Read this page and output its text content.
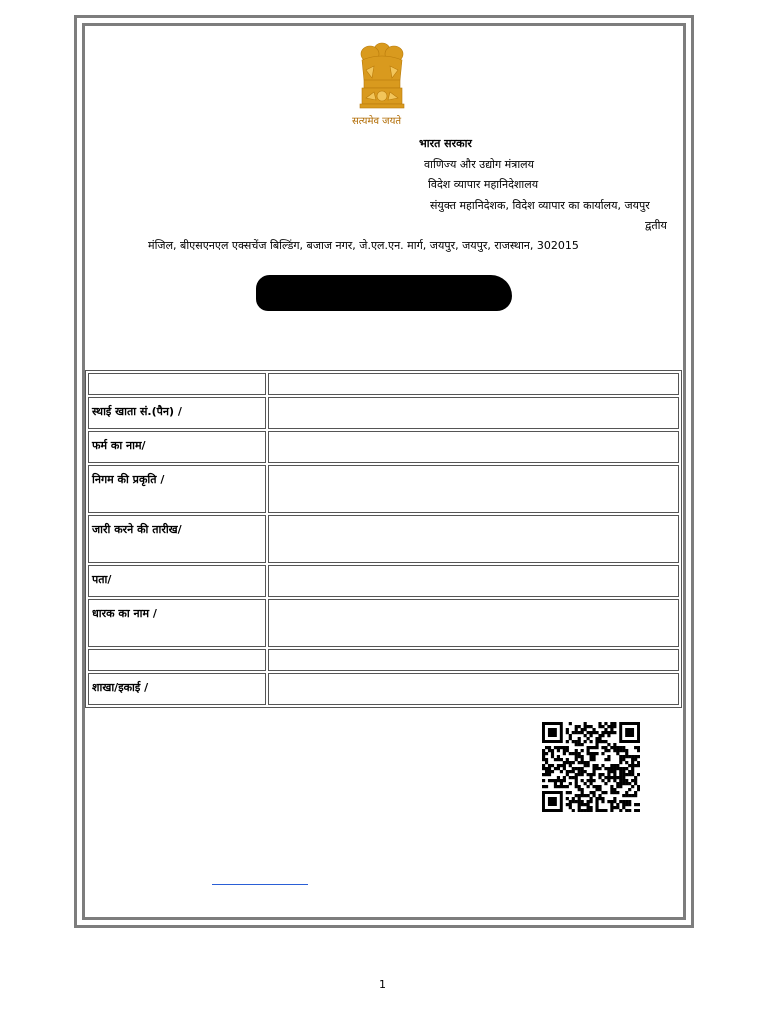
सत्यमेव जयते
भारत सरकार
वाणिज्य और उद्योग मंत्रालय
विदेश व्यापार महानिदेशालय
संयुक्त महानिदेशक, विदेश व्यापार का कार्यालय, जयपुर
द्वतीय
मंजिल, बीएसएनएल एक्सचेंज बिल्डिंग, बजाज नगर, जे.एल.एन. मार्ग, जयपुर, जयपुर, राजस्थान, 302015

स्थाई खाता सं.(पैन) /	
फर्म का नाम/	
निगम की प्रकृति /	
जारी करने की तारीख/	
पता/	
धारक का नाम /	

शाखा/इकाई /	
1
